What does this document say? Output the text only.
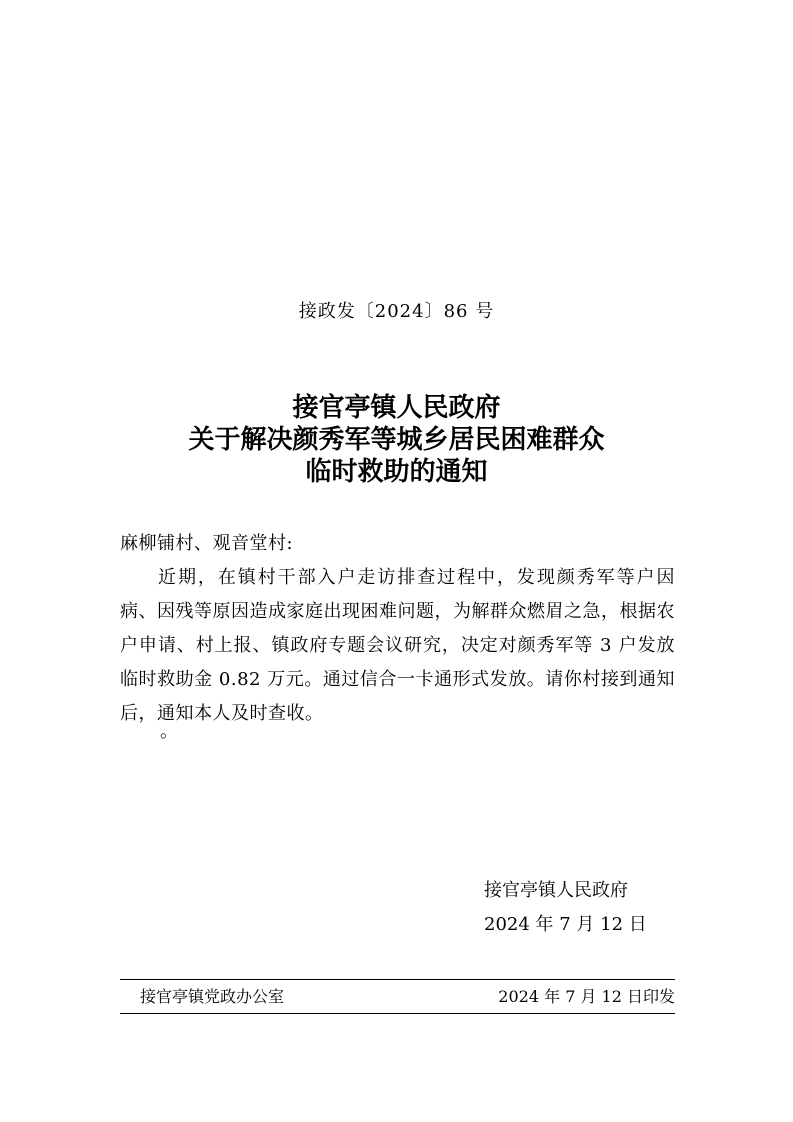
接政发〔2024〕86 号
接官亭镇人民政府
关于解决颜秀军等城乡居民困难群众
临时救助的通知
麻柳铺村、观音堂村:
近期，在镇村干部入户走访排查过程中，发现颜秀军等户因病、因残等原因造成家庭出现困难问题，为解群众燃眉之急，根据农户申请、村上报、镇政府专题会议研究，决定对颜秀军等 3 户发放临时救助金 0.82 万元。通过信合一卡通形式发放。请你村接到通知后，通知本人及时查收。
。
接官亭镇人民政府
2024 年 7 月 12 日
接官亭镇党政办公室	2024 年 7 月 12 日印发
